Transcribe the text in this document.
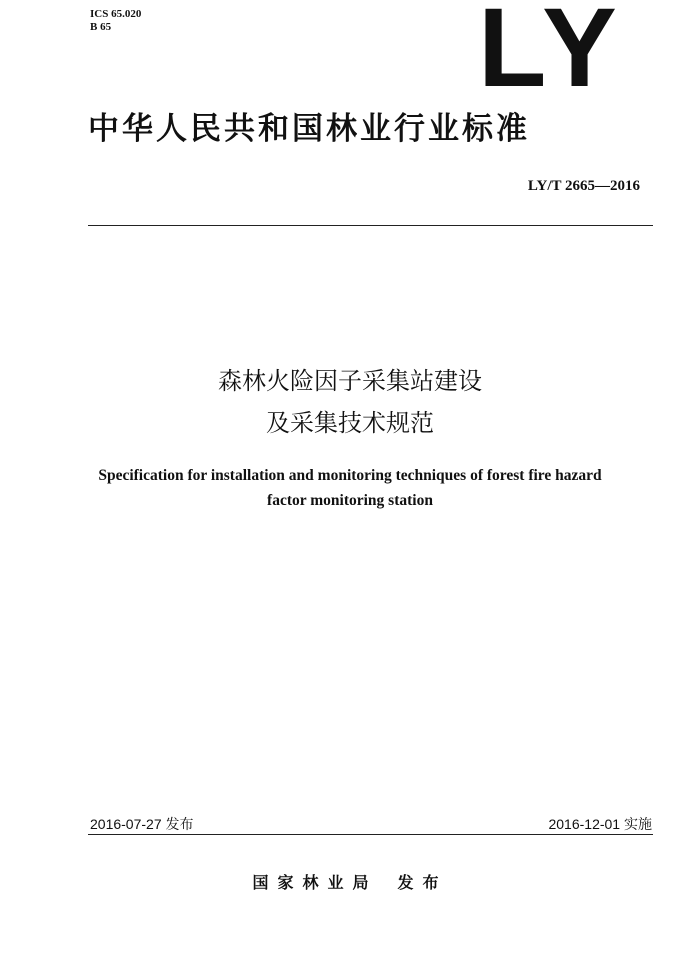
ICS 65.020
B 65	LY
中华人民共和国林业行业标准
LY/T 2665—2016
森林火险因子采集站建设
及采集技术规范
Specification for installation and monitoring techniques of forest fire hazard
factor monitoring station
2016-07-27 发布	2016-12-01 实施
国家林业局 发布
